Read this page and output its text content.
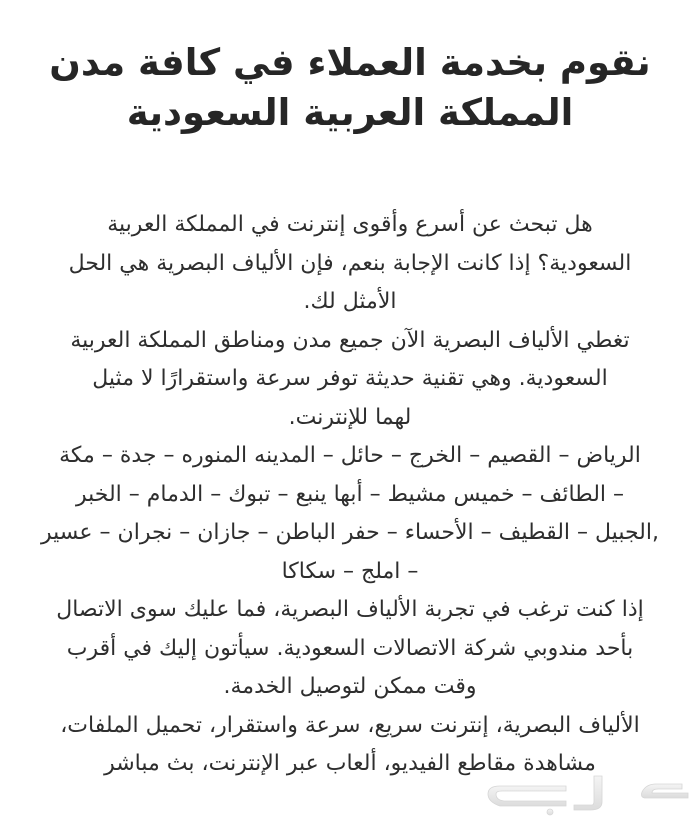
نقوم بخدمة العملاء في كافة مدن
المملكة العربية السعودية
هل تبحث عن أسرع وأقوى إنترنت في المملكة العربية
السعودية؟ إذا كانت الإجابة بنعم، فإن الألياف البصرية هي الحل
الأمثل لك.
تغطي الألياف البصرية الآن جميع مدن ومناطق المملكة العربية
السعودية. وهي تقنية حديثة توفر سرعة واستقرارًا لا مثيل
لهما للإنترنت.
الرياض – القصيم – الخرج – حائل – المدينه المنوره – جدة – مكة
– الطائف – خميس مشيط – أبها ينبع – تبوك – الدمام – الخبر
,الجبيل – القطيف – الأحساء – حفر الباطن – جازان – نجران – عسير
– املج – سكاكا
إذا كنت ترغب في تجربة الألياف البصرية، فما عليك سوى الاتصال
بأحد مندوبي شركة الاتصالات السعودية. سيأتون إليك في أقرب
وقت ممكن لتوصيل الخدمة.
الألياف البصرية، إنترنت سريع، سرعة واستقرار، تحميل الملفات،
مشاهدة مقاطع الفيديو، ألعاب عبر الإنترنت، بث مباشر
